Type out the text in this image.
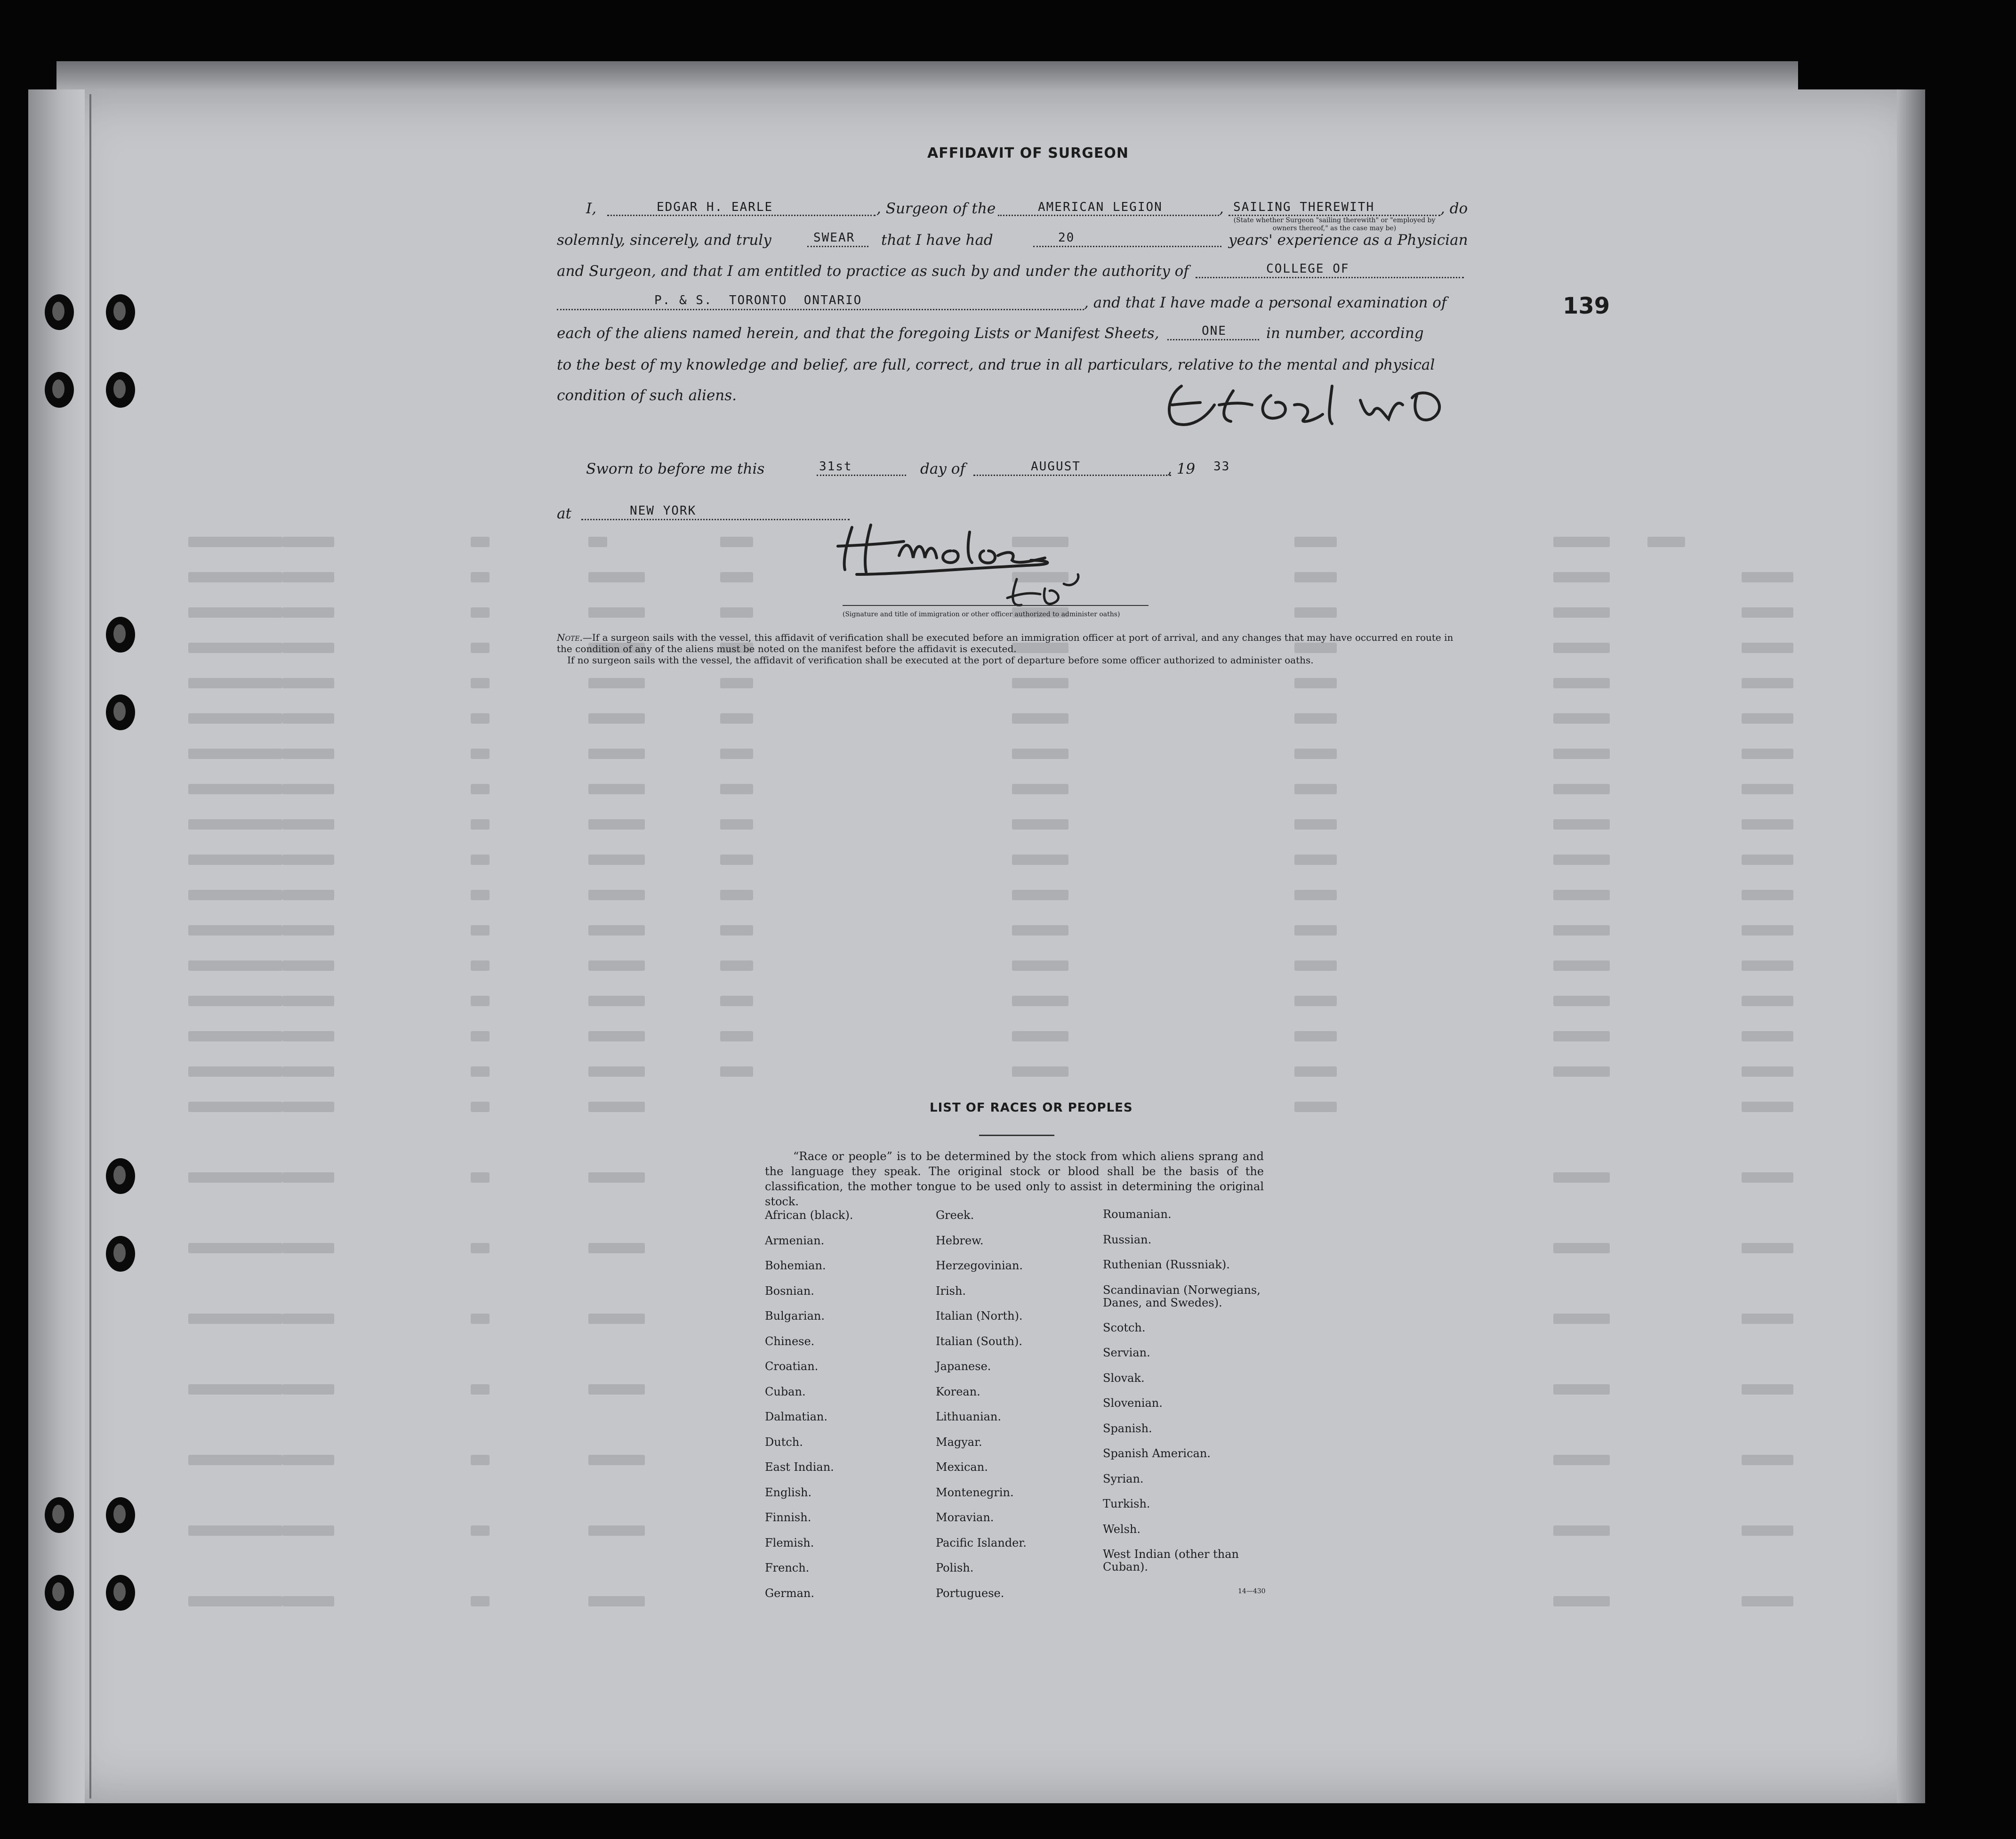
139
AFFIDAVIT OF SURGEON
I,	EDGAR H. EARLE	, Surgeon of the	AMERICAN LEGION	, SAILING THEREWITH	, do
(State whether Surgeon "sailing therewith" or "employed by owners thereof," as the case may be)
solemnly, sincerely, and truly	SWEAR that I have had	20	years' experience as a Physician
and Surgeon, and that I am entitled to practice as such by and under the authority of	COLLEGE OF
P. & S.  TORONTO  ONTARIO	, and that I have made a personal examination of
each of the aliens named herein, and that the foregoing Lists or Manifest Sheets,	ONE	in number, according
to the best of my knowledge and belief, are full, correct, and true in all particulars, relative to the mental and physical
condition of such aliens.
Sworn to before me this	31st	day of	AUGUST	, 19 33
at	NEW YORK
(Signature and title of immigration or other officer authorized to administer oaths)
Note.—If a surgeon sails with the vessel, this affidavit of verification shall be executed before an immigration officer at port of arrival, and any changes that may have occurred en route in the condition of any of the aliens must be noted on the manifest before the affidavit is executed.
If no surgeon sails with the vessel, the affidavit of verification shall be executed at the port of departure before some officer authorized to administer oaths.
LIST OF RACES OR PEOPLES
“Race or people” is to be determined by the stock from which aliens sprang and the language they speak. The original stock or blood shall be the basis of the classification, the mother tongue to be used only to assist in determining the original stock.
African (black).
Armenian.
Bohemian.
Bosnian.
Bulgarian.
Chinese.
Croatian.
Cuban.
Dalmatian.
Dutch.
East Indian.
English.
Finnish.
Flemish.
French.
German.
Greek.
Hebrew.
Herzegovinian.
Irish.
Italian (North).
Italian (South).
Japanese.
Korean.
Lithuanian.
Magyar.
Mexican.
Montenegrin.
Moravian.
Pacific Islander.
Polish.
Portuguese.
Roumanian.
Russian.
Ruthenian (Russniak).
Scandinavian (Norwegians, Danes, and Swedes).
Scotch.
Servian.
Slovak.
Slovenian.
Spanish.
Spanish American.
Syrian.
Turkish.
Welsh.
West Indian (other than Cuban).
14—430
